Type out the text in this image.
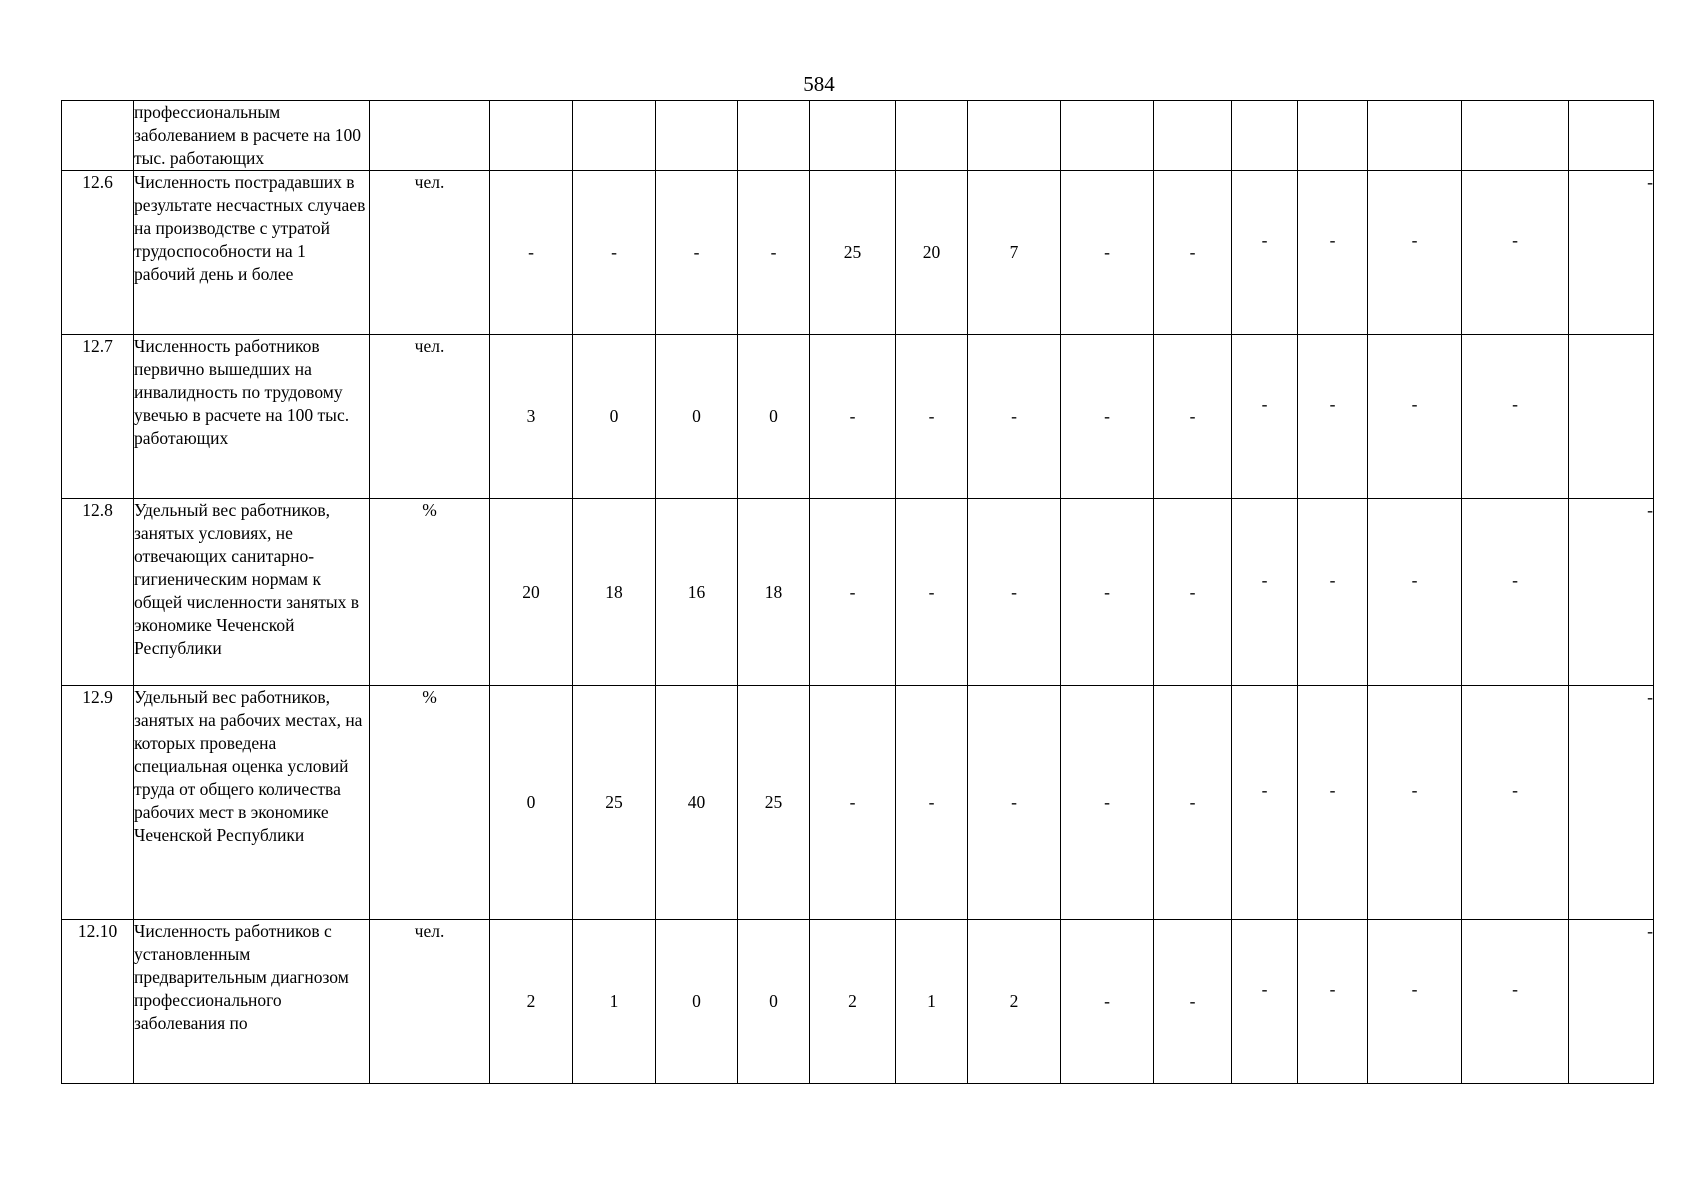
584
	профессиональным заболеванием в расчете на 100 тыс. работающих															

12.6	Численность пострадавших в результате несчастных случаев на производстве с утратой трудоспособности на 1 рабочий день и более	чел.	-	-	-	-	25	20	7	-	-	-	-	-	-	-

12.7	Численность работников первично вышедших на инвалидность по трудовому увечью в расчете на 100 тыс. работающих	чел.	3	0	0	0	-	-	-	-	-	-	-	-	-	

12.8	Удельный вес работников, занятых условиях, не отвечающих санитарно-гигиеническим нормам к общей численности занятых в экономике Чеченской Республики	%	20	18	16	18	-	-	-	-	-	-	-	-	-	-

12.9	Удельный вес работников, занятых на рабочих местах, на которых проведена специальная оценка условий труда от общего количества рабочих мест в экономике Чеченской Республики	%	0	25	40	25	-	-	-	-	-	-	-	-	-	-

12.10	Численность работников с установленным предварительным диагнозом профессионального заболевания по	чел.	2	1	0	0	2	1	2	-	-	-	-	-	-	-
